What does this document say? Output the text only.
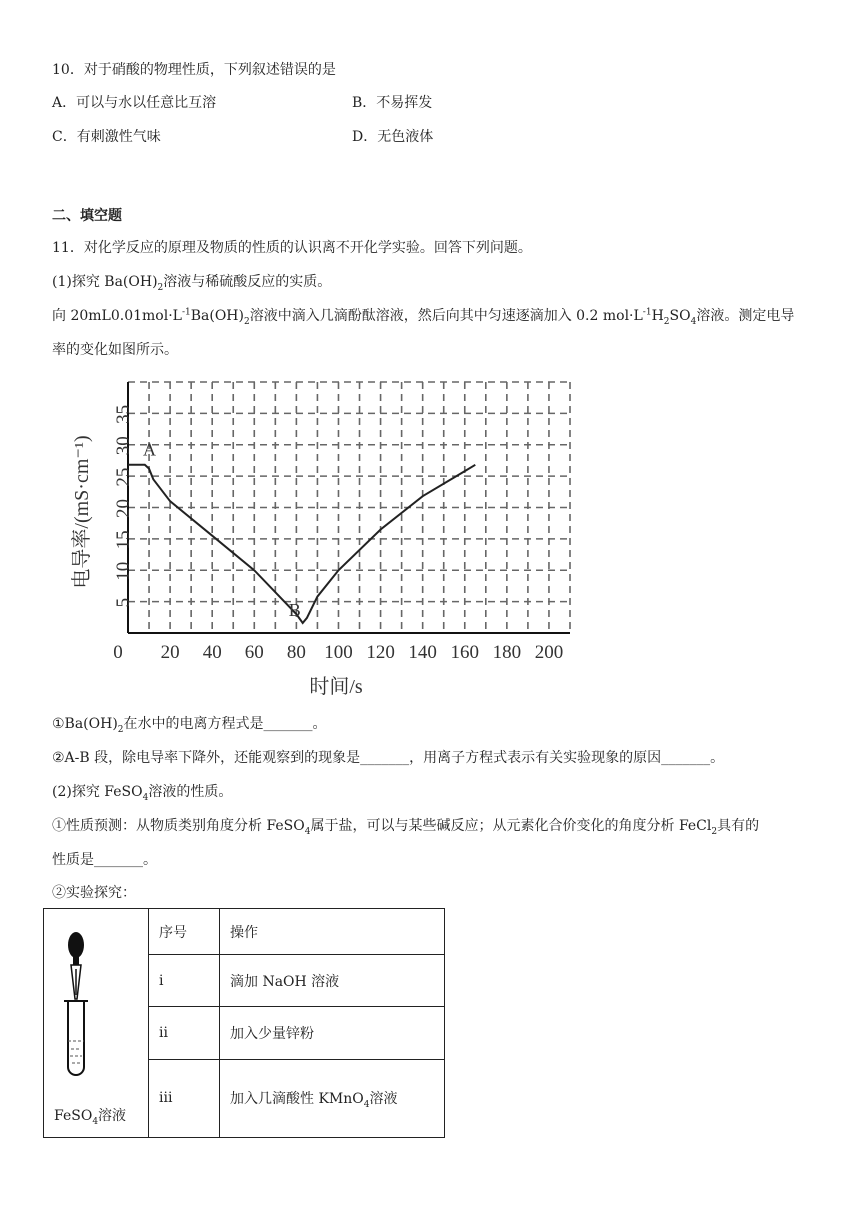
10．对于硝酸的物理性质，下列叙述错误的是
A．可以与水以任意比互溶	B．不易挥发
C．有刺激性气味	D．无色液体
二、填空题
11．对化学反应的原理及物质的性质的认识离不开化学实验。回答下列问题。
(1)探究 $Ba(OH)_2$溶液与稀硫酸反应的实质。
向 $20mL0.01mol\cdot L^{-1}Ba(OH)_2$溶液中滴入几滴酚酞溶液，然后向其中匀速逐滴加入 0.2 $mol\cdot L^{-1}H_2SO_4$溶液。测定电导
率的变化如图所示。
0 20 40 60 80 100 120 140 160 180 200
5
10
15
20
25
30
35
A
B
时间/s
电导率/(mS·cm⁻¹)
$①Ba(OH)_2$在水中的电离方程式是_______。
②A-B 段，除电导率下降外，还能观察到的现象是_______，用离子方程式表示有关实验现象的原因_______。
(2)探究 FeSO$_4$溶液的性质。
①性质预测：从物质类别角度分析 FeSO$_4$属于盐，可以与某些碱反应；从元素化合价变化的角度分析 FeCl$_2$具有的
性质是_______。
②实验探究：
FeSO$_4$溶液	序号	操作
	i	滴加 NaOH 溶液
	ii	加入少量锌粉
	iii	加入几滴酸性 KMnO$_4$溶液
